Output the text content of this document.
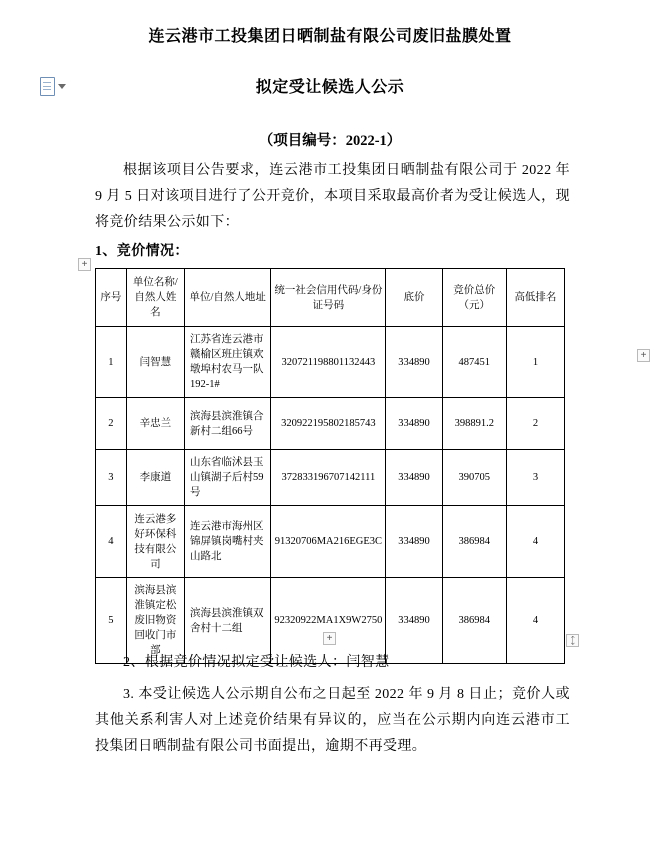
连云港市工投集团日晒制盐有限公司废旧盐膜处置
拟定受让候选人公示
（项目编号：2022-1）
根据该项目公告要求，连云港市工投集团日晒制盐有限公司于 2022 年 9 月 5 日对该项目进行了公开竞价，本项目采取最高价者为受让候选人，现将竞价结果公示如下：
1、竞价情况：
+
+
+	⤡
序号	单位名称/自然人姓名	单位/自然人地址	统一社会信用代码/身份证号码	底价	竞价总价（元）	高低排名
1	闫智慧	江苏省连云港市赣榆区班庄镇欢墩埠村农马一队192-1#	320721198801132443	334890	487451	1
2	辛忠兰	滨海县滨淮镇合新村二组66号	320922195802185743	334890	398891.2	2
3	李康道	山东省临沭县玉山镇湖子后村59号	372833196707142111	334890	390705	3
4	连云港多好环保科技有限公司	连云港市海州区锦屏镇岗嘴村夹山路北	91320706MA216EGE3C	334890	386984	4
5	滨海县滨淮镇定松废旧物资回收门市部	滨海县滨淮镇双舍村十二组	92320922MA1X9W2750	334890	386984	4
2、根据竞价情况拟定受让候选人：闫智慧
3. 本受让候选人公示期自公布之日起至 2022 年 9 月 8 日止；竞价人或其他关系利害人对上述竞价结果有异议的，应当在公示期内向连云港市工投集团日晒制盐有限公司书面提出，逾期不再受理。
